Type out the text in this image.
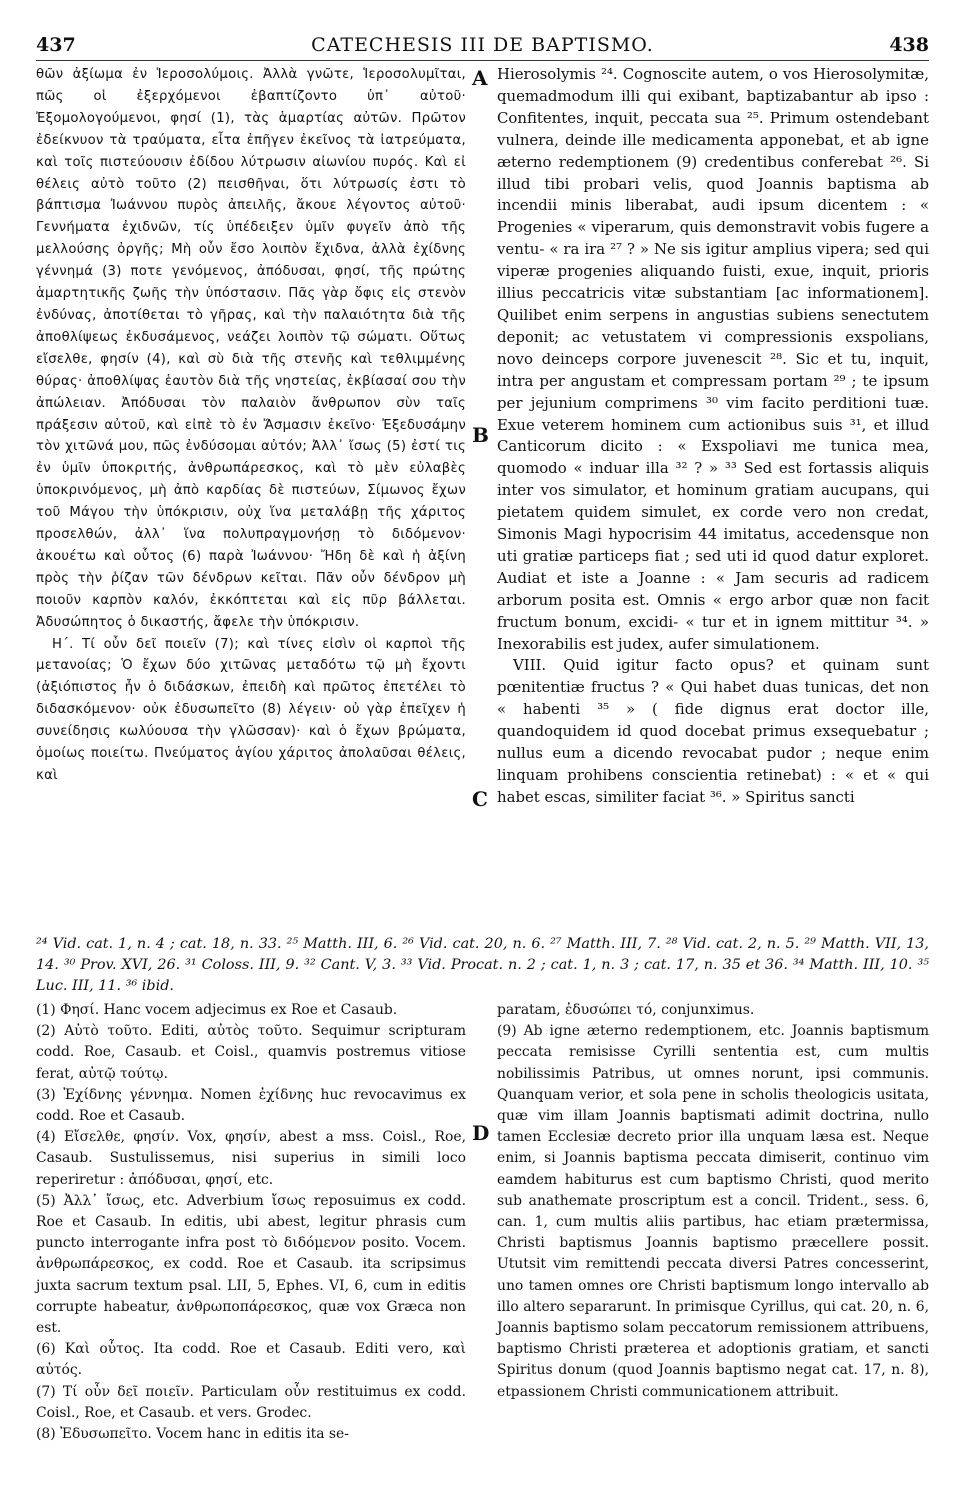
437	CATECHESIS III DE BAPTISMO.	438

θῶν ἀξίωμα ἐν Ἱεροσολύμοις. Ἀλλὰ γνῶτε, Ἱεροσολυμῖται, πῶς οἱ ἐξερχόμενοι ἐβαπτίζοντο ὑπ᾽ αὐτοῦ· Ἐξομολογούμενοι, φησί (1), τὰς ἁμαρτίας αὐτῶν. Πρῶτον ἐδείκνυον τὰ τραύματα, εἶτα ἐπῆγεν ἐκεῖνος τὰ ἰατρεύματα, καὶ τοῖς πιστεύουσιν ἐδίδου λύτρωσιν αἰωνίου πυρός. Καὶ εἰ θέλεις αὐτὸ τοῦτο (2) πεισθῆναι, ὅτι λύτρωσίς ἐστι τὸ βάπτισμα Ἰωάννου πυρὸς ἀπειλῆς, ἄκουε λέγοντος αὐτοῦ· Γεννήματα ἐχιδνῶν, τίς ὑπέδειξεν ὑμῖν φυγεῖν ἀπὸ τῆς μελλούσης ὀργῆς; Μὴ οὖν ἔσο λοιπὸν ἔχιδνα, ἀλλὰ ἐχίδνης γέννημά (3) ποτε γενόμενος, ἀπόδυσαι, φησί, τῆς πρώτης ἁμαρτητικῆς ζωῆς τὴν ὑπόστασιν. Πᾶς γὰρ ὄφις εἰς στενὸν ἐνδύνας, ἀποτίθεται τὸ γῆρας, καὶ τὴν παλαιότητα διὰ τῆς ἀποθλίψεως ἐκδυσάμενος, νεάζει λοιπὸν τῷ σώματι. Οὕτως εἴσελθε, φησίν (4), καὶ σὺ διὰ τῆς στενῆς καὶ τεθλιμμένης θύρας· ἀποθλίψας ἑαυτὸν διὰ τῆς νηστείας, ἐκβίασαί σου τὴν ἀπώλειαν. Ἀπόδυσαι τὸν παλαιὸν ἄνθρωπον σὺν ταῖς πράξεσιν αὐτοῦ, καὶ εἰπὲ τὸ ἐν Ἄσμασιν ἐκεῖνο· Ἐξεδυσάμην τὸν χιτῶνά μου, πῶς ἐνδύσομαι αὐτόν; Ἀλλ᾽ ἴσως (5) ἐστί τις ἐν ὑμῖν ὑποκριτής, ἀνθρωπάρεσκος, καὶ τὸ μὲν εὐλαβὲς ὑποκρινόμενος, μὴ ἀπὸ καρδίας δὲ πιστεύων, Σίμωνος ἔχων τοῦ Μάγου τὴν ὑπόκρισιν, οὐχ ἵνα μεταλάβῃ τῆς χάριτος προσελθών, ἀλλ᾽ ἵνα πολυπραγμονήσῃ τὸ διδόμενον· ἀκουέτω καὶ οὗτος (6) παρὰ Ἰωάννου· Ἤδη δὲ καὶ ἡ ἀξίνη πρὸς τὴν ῥίζαν τῶν δένδρων κεῖται. Πᾶν οὖν δένδρον μὴ ποιοῦν καρπὸν καλόν, ἐκκόπτεται καὶ εἰς πῦρ βάλλεται. Ἀδυσώπητος ὁ δικαστής, ἄφελε τὴν ὑπόκρισιν.

Η´. Τί οὖν δεῖ ποιεῖν (7); καὶ τίνες εἰσὶν οἱ καρποὶ τῆς μετανοίας; Ὁ ἔχων δύο χιτῶνας μεταδότω τῷ μὴ ἔχοντι (ἀξιόπιστος ἦν ὁ διδάσκων, ἐπειδὴ καὶ πρῶτος ἐπετέλει τὸ διδασκόμενον· οὐκ ἐδυσωπεῖτο (8) λέγειν· οὐ γὰρ ἐπεῖχεν ἡ συνείδησις κωλύουσα τὴν γλῶσσαν)· καὶ ὁ ἔχων βρώματα, ὁμοίως ποιείτω. Πνεύματος ἁγίου χάριτος ἀπολαῦσαι θέλεις, καὶ

A
B
C
D

Hierosolymis ²⁴. Cognoscite autem, o vos Hierosolymitæ, quemadmodum illi qui exibant, baptizabantur ab ipso : Confitentes, inquit, peccata sua ²⁵. Primum ostendebant vulnera, deinde ille medicamenta apponebat, et ab igne æterno redemptionem (9) credentibus conferebat ²⁶. Si illud tibi probari velis, quod Joannis baptisma ab incendii minis liberabat, audi ipsum dicentem : « Progenies « viperarum, quis demonstravit vobis fugere a ventu- « ra ira ²⁷ ? » Ne sis igitur amplius vipera; sed qui viperæ progenies aliquando fuisti, exue, inquit, prioris illius peccatricis vitæ substantiam [ac informationem]. Quilibet enim serpens in angustias subiens senectutem deponit; ac vetustatem vi compressionis exspolians, novo deinceps corpore juvenescit ²⁸. Sic et tu, inquit, intra per angustam et compressam portam ²⁹ ; te ipsum per jejunium comprimens ³⁰ vim facito perditioni tuæ. Exue veterem hominem cum actionibus suis ³¹, et illud Canticorum dicito : « Exspoliavi me tunica mea, quomodo « induar illa ³² ? » ³³ Sed est fortassis aliquis inter vos simulator, et hominum gratiam aucupans, qui pietatem quidem simulet, ex corde vero non credat, Simonis Magi hypocrisim 44 imitatus, accedensque non uti gratiæ particeps fiat ; sed uti id quod datur exploret. Audiat et iste a Joanne : « Jam securis ad radicem arborum posita est. Omnis « ergo arbor quæ non facit fructum bonum, excidi- « tur et in ignem mittitur ³⁴. » Inexorabilis est judex, aufer simulationem.

VIII. Quid igitur facto opus? et quinam sunt pœnitentiæ fructus ? « Qui habet duas tunicas, det non « habenti ³⁵ » ( fide dignus erat doctor ille, quandoquidem id quod docebat primus exsequebatur ; nullus eum a dicendo revocabat pudor ; neque enim linquam prohibens conscientia retinebat) : « et « qui habet escas, similiter faciat ³⁶. » Spiritus sancti

²⁴ Vid. cat. 1, n. 4 ; cat. 18, n. 33. ²⁵ Matth. III, 6. ²⁶ Vid. cat. 20, n. 6. ²⁷ Matth. III, 7. ²⁸ Vid. cat. 2, n. 5. ²⁹ Matth. VII, 13, 14. ³⁰ Prov. XVI, 26. ³¹ Coloss. III, 9. ³² Cant. V, 3. ³³ Vid. Procat. n. 2 ; cat. 1, n. 3 ; cat. 17, n. 35 et 36. ³⁴ Matth. III, 10. ³⁵ Luc. III, 11. ³⁶ ibid.

(1) Φησί. Hanc vocem adjecimus ex Roe et Casaub.

(2) Αὐτὸ τοῦτο. Editi, αὐτὸς τοῦτο. Sequimur scripturam codd. Roe, Casaub. et Coisl., quamvis postremus vitiose ferat, αὐτῷ τούτῳ.

(3) Ἐχίδνης γέννημα. Nomen ἐχίδνης huc revocavimus ex codd. Roe et Casaub.

(4) Εἴσελθε, φησίν. Vox, φησίν, abest a mss. Coisl., Roe, Casaub. Sustulissemus, nisi superius in simili loco reperiretur : ἀπόδυσαι, φησί, etc.

(5) Ἀλλ᾽ ἴσως, etc. Adverbium ἴσως reposuimus ex codd. Roe et Casaub. In editis, ubi abest, legitur phrasis cum puncto interrogante infra post τὸ διδόμενον posito. Vocem. ἀνθρωπάρεσκος, ex codd. Roe et Casaub. ita scripsimus juxta sacrum textum psal. LII, 5, Ephes. VI, 6, cum in editis corrupte habeatur, ἀνθρωποπάρεσκος, quæ vox Græca non est.

(6) Καὶ οὗτος. Ita codd. Roe et Casaub. Editi vero, καὶ αὐτός.

(7) Τί οὖν δεῖ ποιεῖν. Particulam οὖν restituimus ex codd. Coisl., Roe, et Casaub. et vers. Grodec.

(8) Ἐδυσωπεῖτο. Vocem hanc in editis ita se-

paratam, ἐδυσώπει τό, conjunximus.

(9) Ab igne æterno redemptionem, etc. Joannis baptismum peccata remisisse Cyrilli sententia est, cum multis nobilissimis Patribus, ut omnes norunt, ipsi communis. Quanquam verior, et sola pene in scholis theologicis usitata, quæ vim illam Joannis baptismati adimit doctrina, nullo tamen Ecclesiæ decreto prior illa unquam læsa est. Neque enim, si Joannis baptisma peccata dimiserit, continuo vim eamdem habiturus est cum baptismo Christi, quod merito sub anathemate proscriptum est a concil. Trident., sess. 6, can. 1, cum multis aliis partibus, hac etiam prætermissa, Christi baptismus Joannis baptismo præcellere possit. Ututsit vim remittendi peccata diversi Patres concesserint, uno tamen omnes ore Christi baptismum longo intervallo ab illo altero separarunt. In primisque Cyrillus, qui cat. 20, n. 6, Joannis baptismo solam peccatorum remissionem attribuens, baptismo Christi præterea et adoptionis gratiam, et sancti Spiritus donum (quod Joannis baptismo negat cat. 17, n. 8), etpassionem Christi communicationem attribuit.
